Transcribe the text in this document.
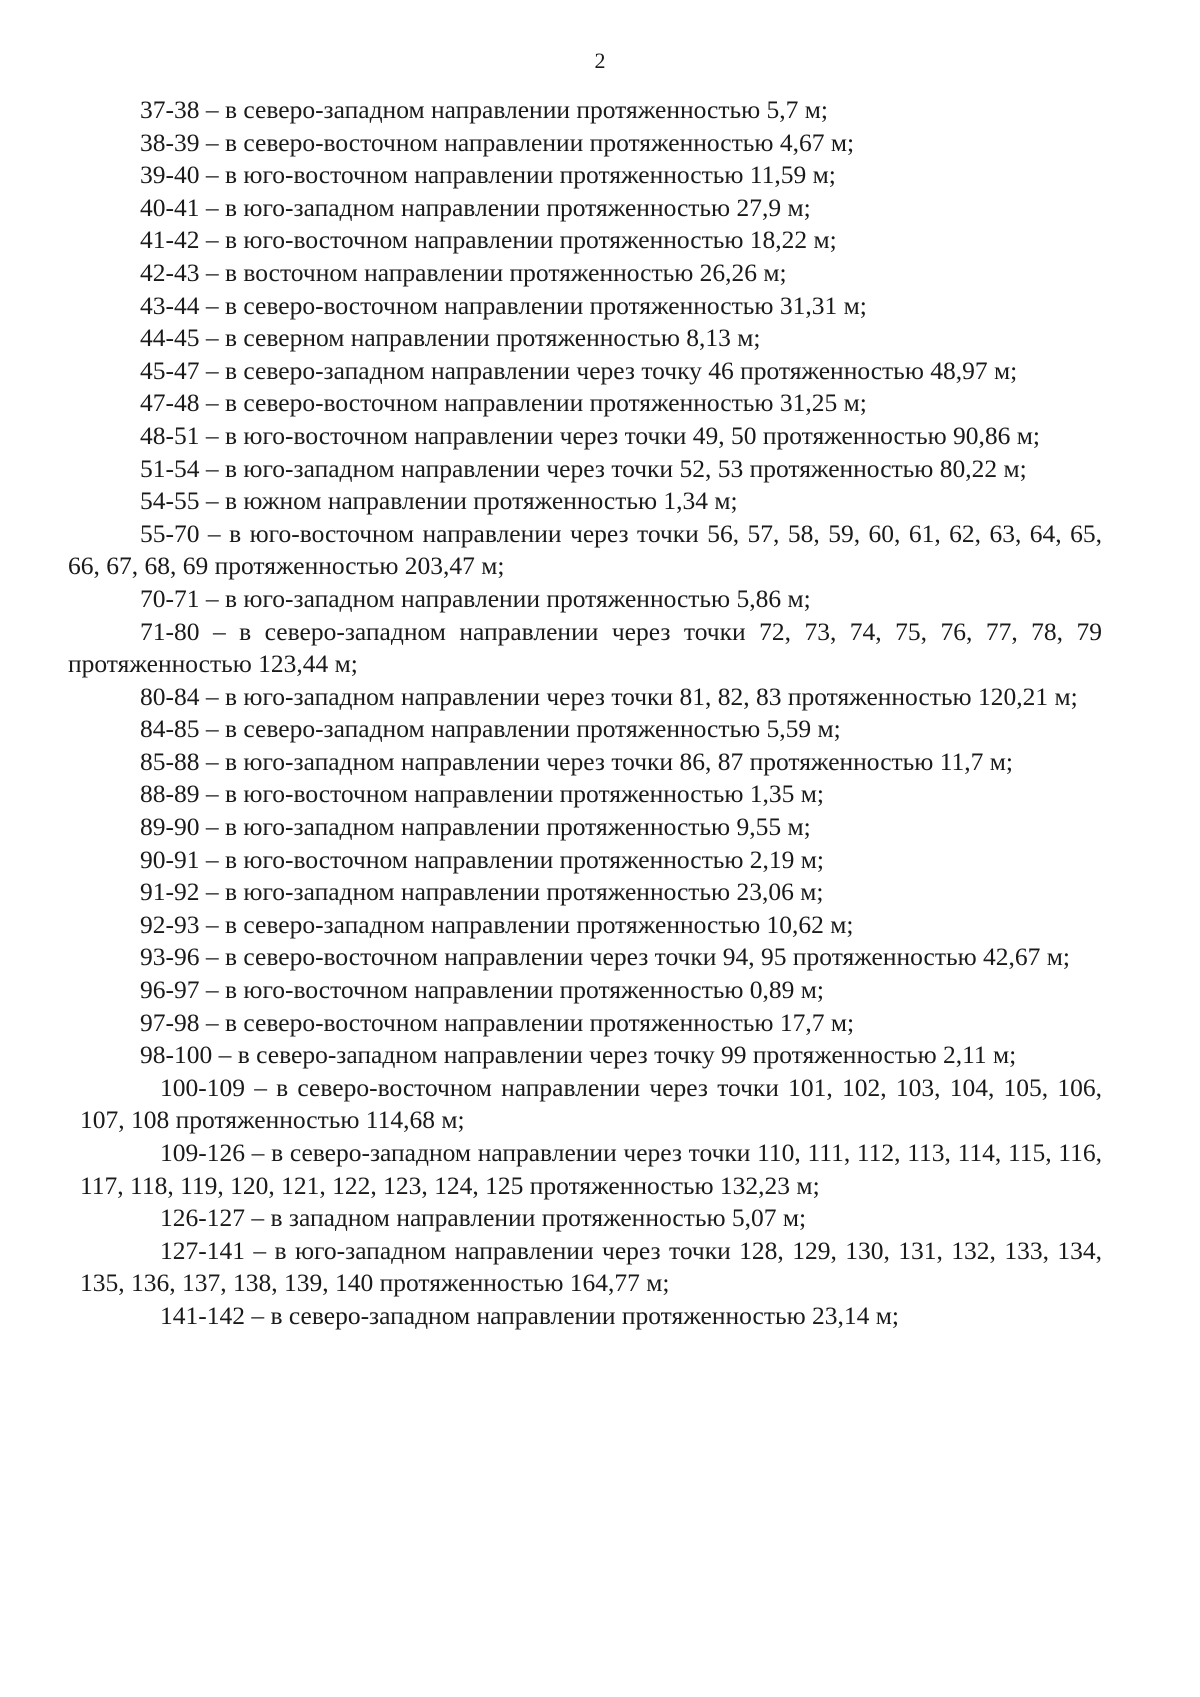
2

37-38 – в северо-западном направлении протяженностью 5,7 м;

38-39 – в северо-восточном направлении протяженностью 4,67 м;

39-40 – в юго-восточном направлении протяженностью 11,59 м;

40-41 – в юго-западном направлении протяженностью 27,9 м;

41-42 – в юго-восточном направлении протяженностью 18,22 м;

42-43 – в восточном направлении протяженностью 26,26 м;

43-44 – в северо-восточном направлении протяженностью 31,31 м;

44-45 – в северном направлении протяженностью 8,13 м;

45-47 – в северо-западном направлении через точку 46 протяженностью 48,97 м;

47-48 – в северо-восточном направлении протяженностью 31,25 м;

48-51 – в юго-восточном направлении через точки 49, 50 протяженностью 90,86 м;

51-54 – в юго-западном направлении через точки 52, 53 протяженностью 80,22 м;

54-55 – в южном направлении протяженностью 1,34 м;

55-70 – в юго-восточном направлении через точки 56, 57, 58, 59, 60, 61, 62, 63, 64, 65, 66, 67, 68, 69 протяженностью 203,47 м;

70-71 – в юго-западном направлении протяженностью 5,86 м;

71-80 – в северо-западном направлении через точки 72, 73, 74, 75, 76, 77, 78, 79 протяженностью 123,44 м;

80-84 – в юго-западном направлении через точки 81, 82, 83 протяженностью 120,21 м;

84-85 – в северо-западном направлении протяженностью 5,59 м;

85-88 – в юго-западном направлении через точки 86, 87 протяженностью 11,7 м;

88-89 – в юго-восточном направлении протяженностью 1,35 м;

89-90 – в юго-западном направлении протяженностью 9,55 м;

90-91 – в юго-восточном направлении протяженностью 2,19 м;

91-92 – в юго-западном направлении протяженностью 23,06 м;

92-93 – в северо-западном направлении протяженностью 10,62 м;

93-96 – в северо-восточном направлении через точки 94, 95 протяженностью 42,67 м;

96-97 – в юго-восточном направлении протяженностью 0,89 м;

97-98 – в северо-восточном направлении протяженностью 17,7 м;

98-100 – в северо-западном направлении через точку 99 протяженностью 2,11 м;

100-109 – в северо-восточном направлении через точки 101, 102, 103, 104, 105, 106, 107, 108 протяженностью 114,68 м;

109-126 – в северо-западном направлении через точки 110, 111, 112, 113, 114, 115, 116, 117, 118, 119, 120, 121, 122, 123, 124, 125 протяженностью 132,23 м;

126-127 – в западном направлении протяженностью 5,07 м;

127-141 – в юго-западном направлении через точки 128, 129, 130, 131, 132, 133, 134, 135, 136, 137, 138, 139, 140 протяженностью 164,77 м;

141-142 – в северо-западном направлении протяженностью 23,14 м;
